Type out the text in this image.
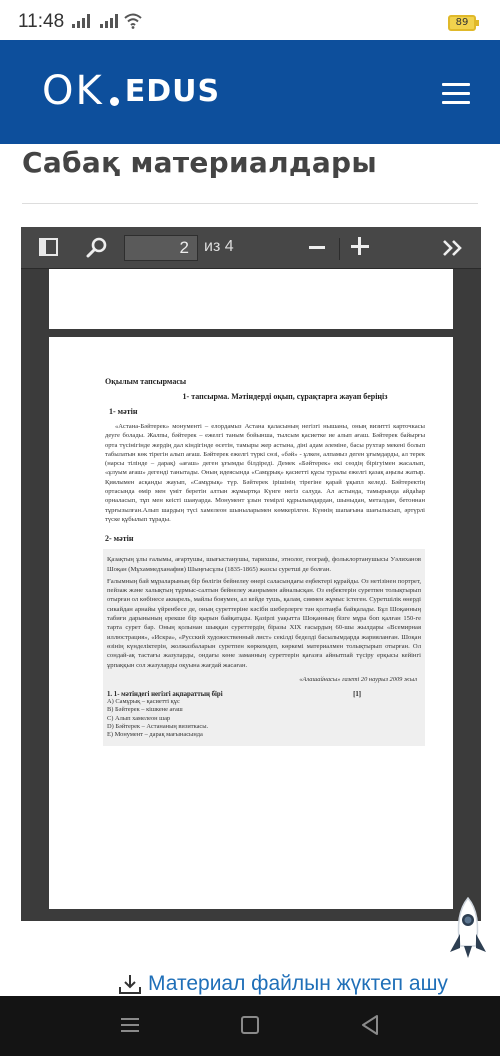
11:48	89
OK EDUS
Сабақ материалдары
2 из 4
Оқылым тапсырмасы
1- тапсырма. Мәтіндерді оқып, сұрақтарға жауап беріңіз
1- мәтін

«Астана-Бәйтерек» монументі – елордамыз Астана қаласының негізгі нышаны, оның визиттi карточкасы деуге болады. Жалпы, бәйтерек – ежелгі таным бойынша, тылсым қасиетке ие алып ағаш. Бәйтерек байырғы орта түсінігінде жердің дал кіндігінде өсетін, тамыры жер астына, діні адам әлеміне, басы рухтар мекені болып табылатын көк тірегін алып ағаш. Бәйтерек ежелгі түркі сөзі, «бәй» - ұлкен, алпамыз деген ұғымдарды, ал терек (нарсы тілінде – дарақ) «ағаш» деген ұғымды білдіреді. Демек «Бәйтерек» екі сөздің бірігуімен жасалып, «ұлуым ағаш» дегенді танытады. Оның идеясында «Самұрық» қасиеттi құсы туралы ежелгі қазақ аңызы жатыр. Қиялымен асқанды жауып, «Самұрық» түр. Бәйтерек ірішінің тірегіне қарай ұқыпл келеді. Бәйтеректің ортасында өмір мен үміт беретін алтын жұмыртқа Күнге негіз салуда. Ал астында, тамырында айдаһар орналасып, тұп мен кеістi шаяуарда. Монумент ұзын темірлі құрылымдардан, шыныдан, металдан, бетоннан тұрғызылған.Алып шардың түсі хамелеон шыныларымен көмкерілген. Күннің шапағына шағылысып, әртүрлі түске құбылып тұрады.

2- мәтін

Қазақтың ұлы ғалымы, ағартушы, шығыстанушы, тарихшы, этнолог, географ, фольклортанушысы Уәлиханов Шоқан (Мұхаммедханафия) Шыңғысұлы (1835-1865) жазсы суретші де болған.

Ғалымның бай мұраларының бір бөлігін бейнелеу өнері саласындағы еңбектері құрайды. Оз нетізінен портрет, пейзаж және халықтың тұрмыс-салтын бейнелеу жанрымен айналысқан. Оз еңбектерін суретпен толықтырып отырған ол көбінесе акварель, майлы бояумен, ал кейде тушь, қалам, сиямен жұмыс істеген. Суретшілік өнерді сикайдан арнайы үйренбесе де, оның суреттерiне кәсiби шеберлерге тән қолтаңба байқалады. Бұл Шоқанның табиғи дарынының ерекше бір қырын байқатады. Қазiрлi уақытта Шоқанның бізге мұра боп қалған 150-ге тарта сурет бар. Оның қолынан шыққан суреттердің біразы XIX ғасырдың 60-шы жылдары «Всемирная иллюстрация», «Искра», «Русский художественный лист» секілді беделді басылымдарда жарияланған. Шоқан өзінің күнделіктерін, жолжазбаларын суретпен көркемдеп, көркемі материалмен толықтырып отырған. Ол сондай-ақ тастағы жазуларды, ондағы көне заманның суреттерін қағазға айнытпай түсіру ерқысы кейінгі ұрпаққын сол жазуларды оқуына жағдай жасаған.

«Алашайнасы» газеті 20 наурыз 2009 жыл
1. 1- мәтіндегі негізгі ақпараттың бірі	[1]
А) Самұрық – қасиетті құс
В) Бәйтерек – кішкене ағаш
С) Алып хамелеон шар
D) Бәйтерек – Астананың визиткасы.
Е) Монумент – дарақ мағынасында
Материал файлын жүктеп ашу
